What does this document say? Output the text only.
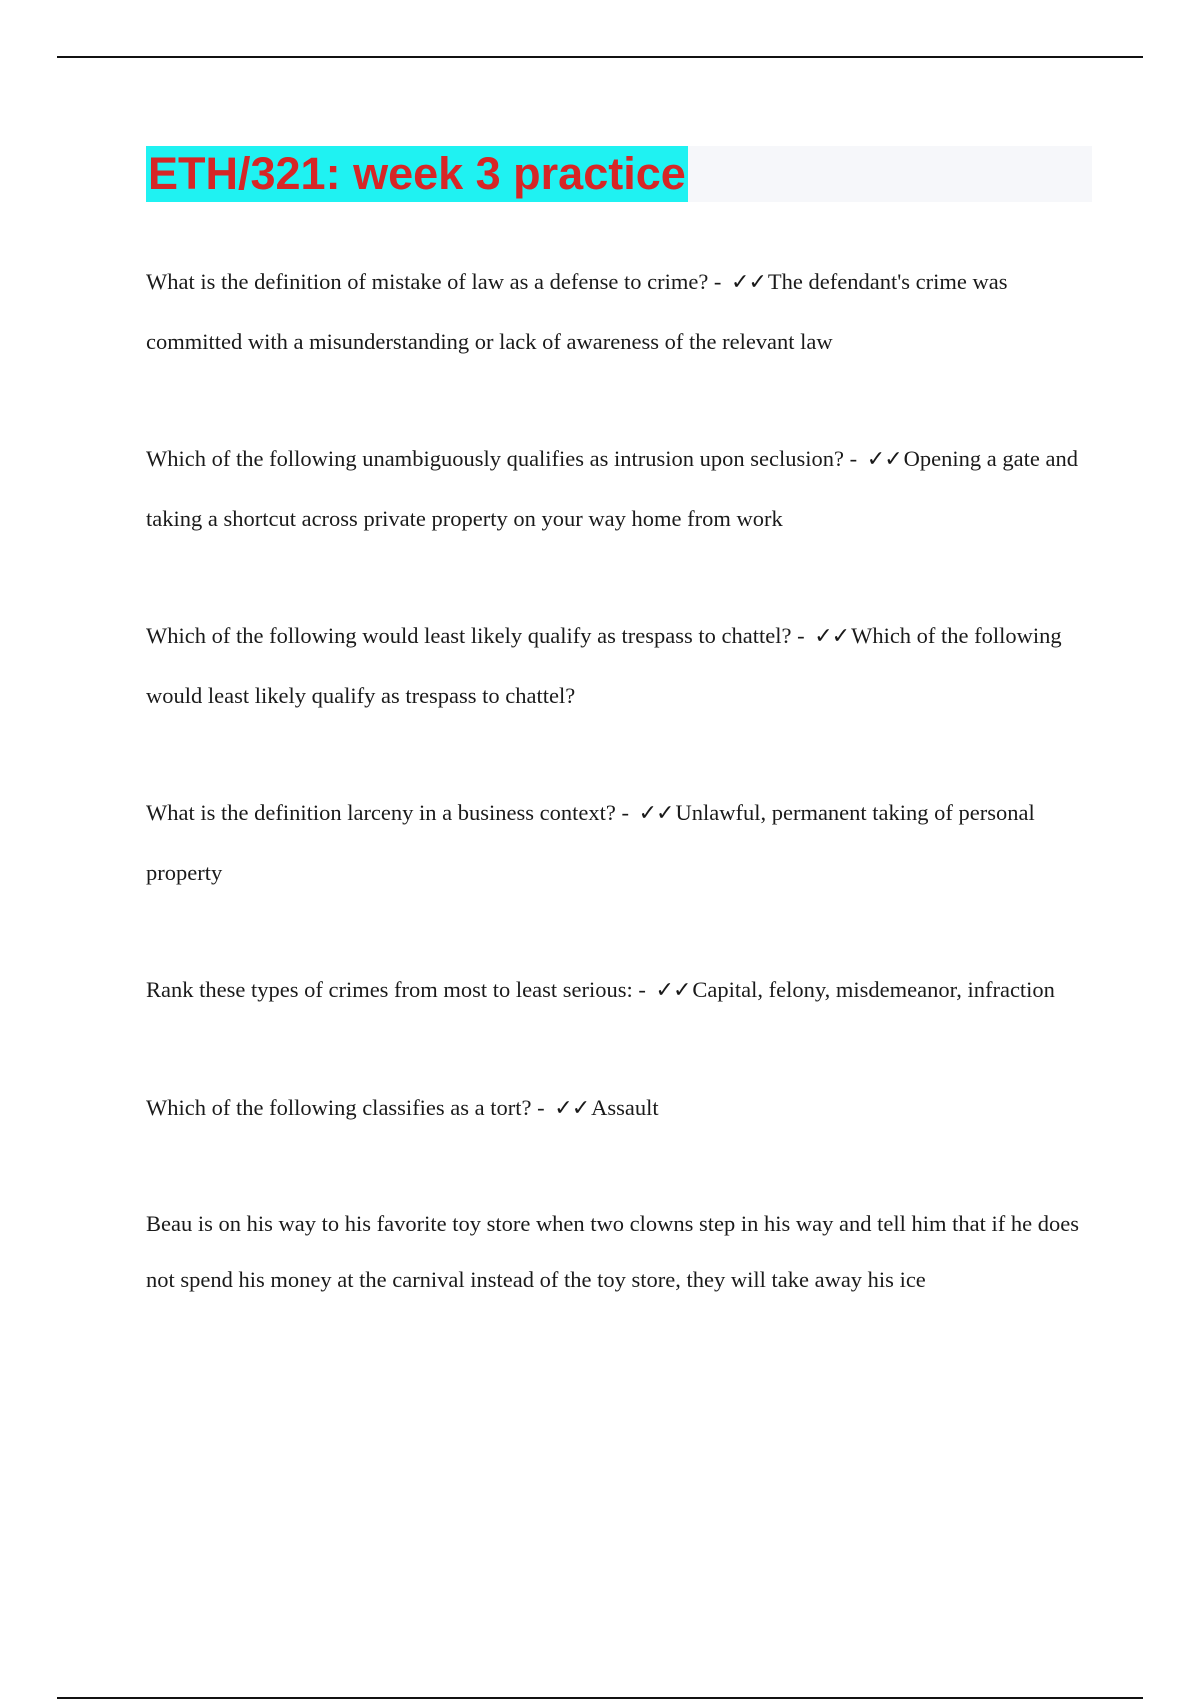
ETH/321: week 3 practice

What is the definition of mistake of law as a defense to crime? - ✓✓The defendant's crime was committed with a misunderstanding or lack of awareness of the relevant law

Which of the following unambiguously qualifies as intrusion upon seclusion? - ✓✓Opening a gate and taking a shortcut across private property on your way home from work

Which of the following would least likely qualify as trespass to chattel? - ✓✓Which of the following would least likely qualify as trespass to chattel?

What is the definition larceny in a business context? - ✓✓Unlawful, permanent taking of personal property

Rank these types of crimes from most to least serious: - ✓✓Capital, felony, misdemeanor, infraction

Which of the following classifies as a tort? - ✓✓Assault

Beau is on his way to his favorite toy store when two clowns step in his way and tell him that if he does not spend his money at the carnival instead of the toy store, they will take away his ice
